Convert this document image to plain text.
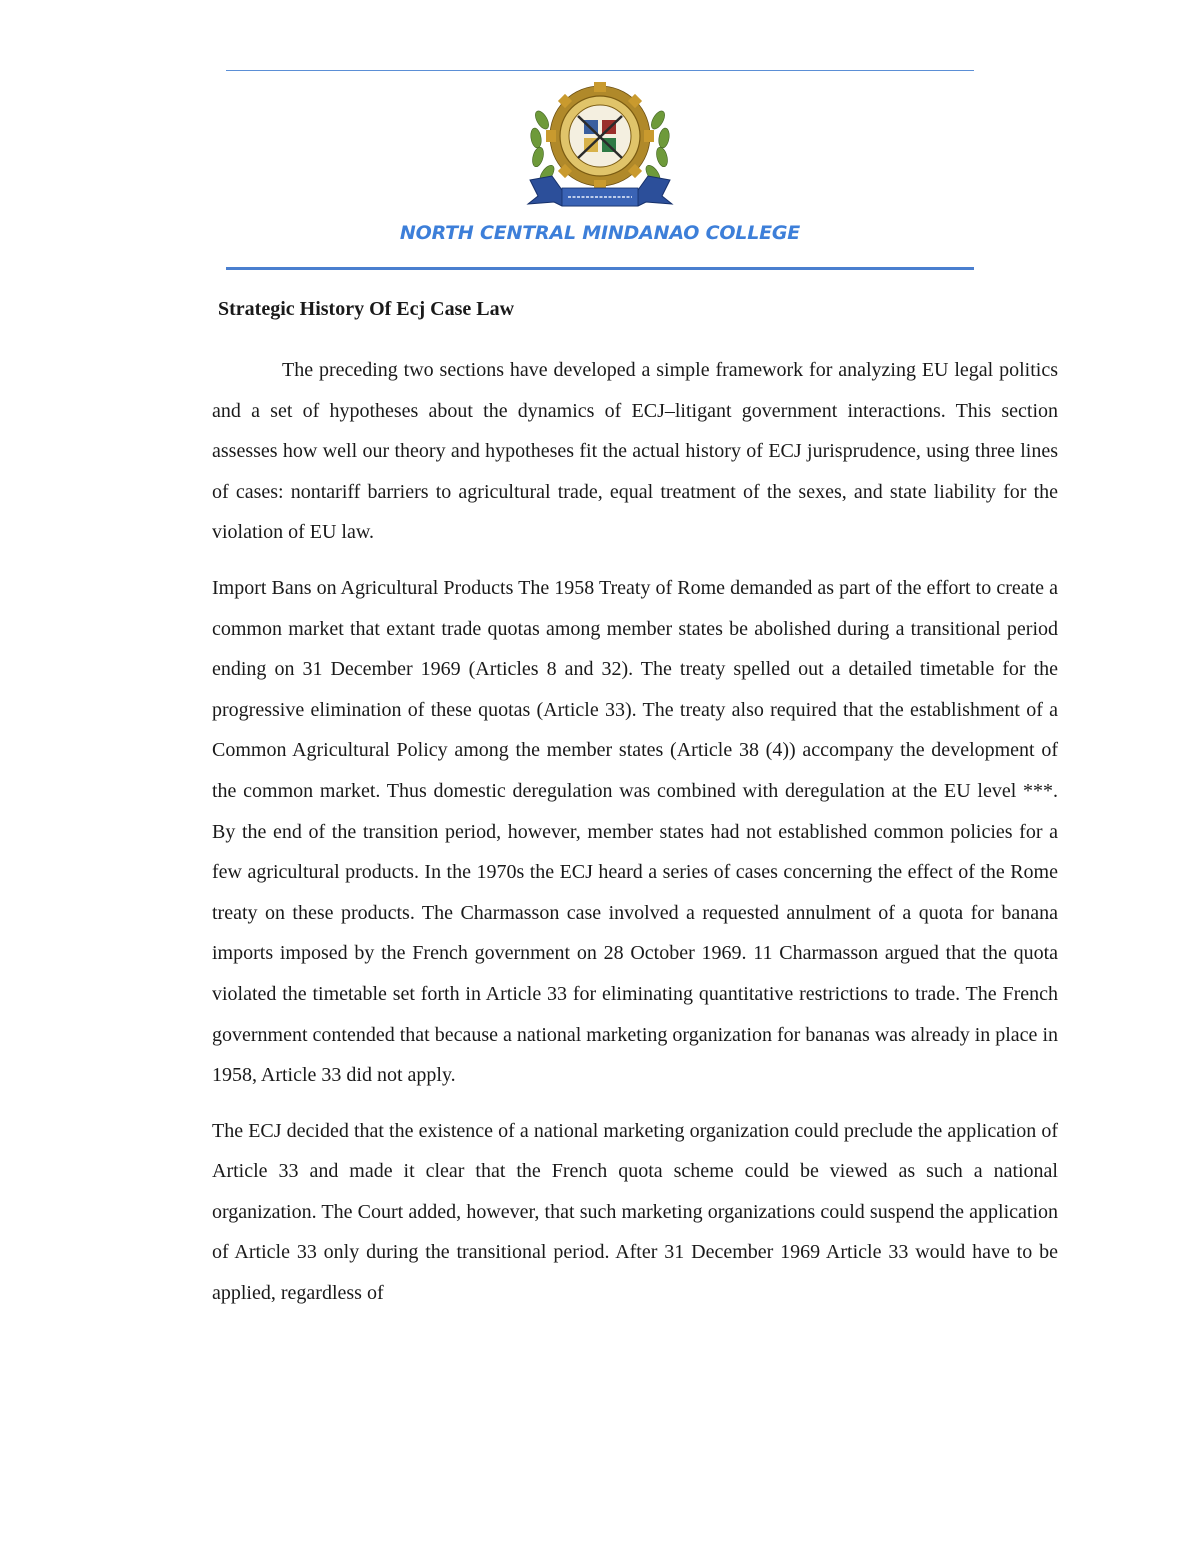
NORTH CENTRAL MINDANAO COLLEGE
Strategic History Of Ecj Case Law

The preceding two sections have developed a simple framework for analyzing EU legal politics and a set of hypotheses about the dynamics of ECJ–litigant government interactions. This section assesses how well our theory and hypotheses fit the actual history of ECJ jurisprudence, using three lines of cases: nontariff barriers to agricultural trade, equal treatment of the sexes, and state liability for the violation of EU law.

Import Bans on Agricultural Products The 1958 Treaty of Rome demanded as part of the effort to create a common market that extant trade quotas among member states be abolished during a transitional period ending on 31 December 1969 (Articles 8 and 32). The treaty spelled out a detailed timetable for the progressive elimination of these quotas (Article 33). The treaty also required that the establishment of a Common Agricultural Policy among the member states (Article 38 (4)) accompany the development of the common market. Thus domestic deregulation was combined with deregulation at the EU level ***. By the end of the transition period, however, member states had not established common policies for a few agricultural products. In the 1970s the ECJ heard a series of cases concerning the effect of the Rome treaty on these products. The Charmasson case involved a requested annulment of a quota for banana imports imposed by the French government on 28 October 1969. 11 Charmasson argued that the quota violated the timetable set forth in Article 33 for eliminating quantitative restrictions to trade. The French government contended that because a national marketing organization for bananas was already in place in 1958, Article 33 did not apply.

The ECJ decided that the existence of a national marketing organization could preclude the application of Article 33 and made it clear that the French quota scheme could be viewed as such a national organization. The Court added, however, that such marketing organizations could suspend the application of Article 33 only during the transitional period. After 31 December 1969 Article 33 would have to be applied, regardless of
